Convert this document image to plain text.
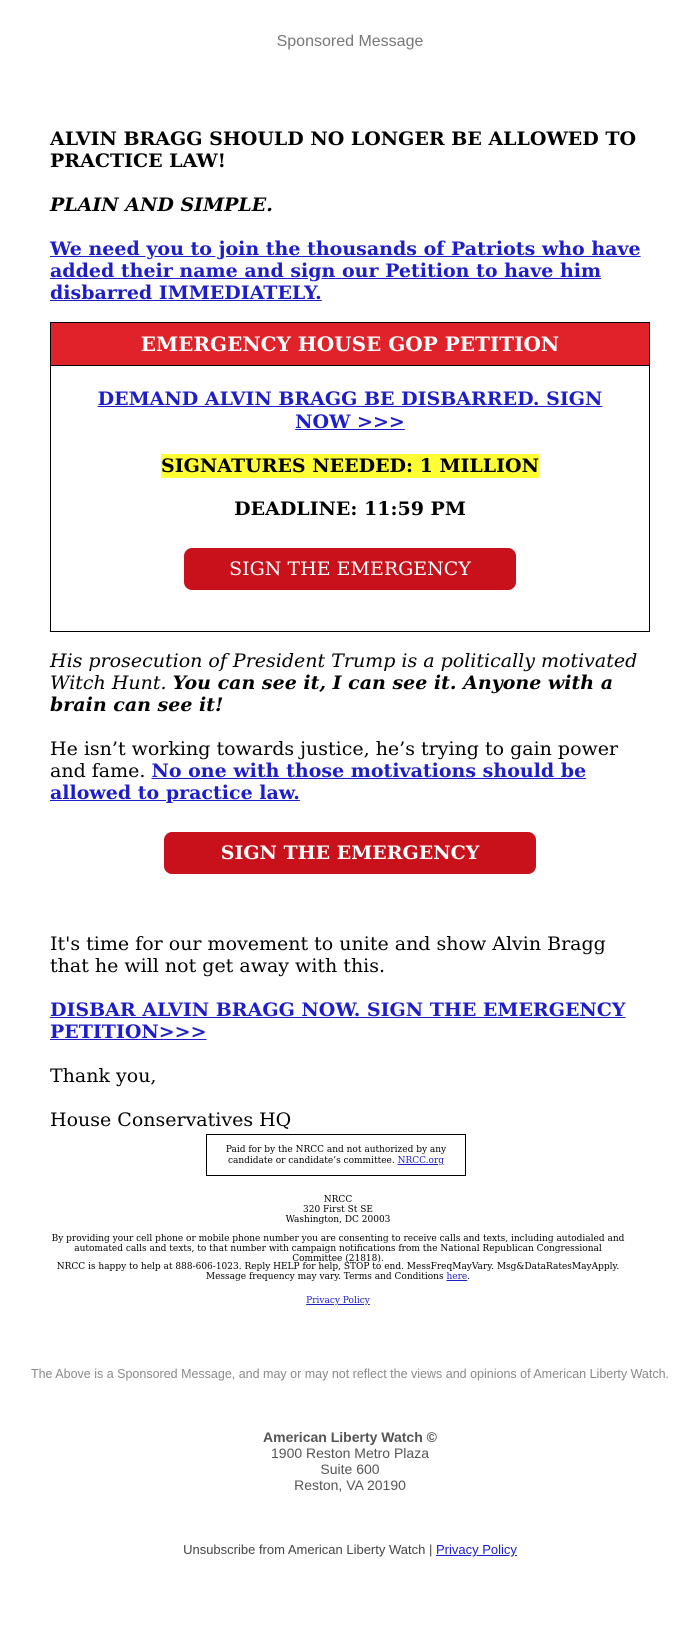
Sponsored Message

ALVIN BRAGG SHOULD NO LONGER BE ALLOWED TO PRACTICE LAW!

PLAIN AND SIMPLE.

We need you to join the thousands of Patriots who have added their name and sign our Petition to have him disbarred IMMEDIATELY.

EMERGENCY HOUSE GOP PETITION
DEMAND ALVIN BRAGG BE DISBARRED. SIGN NOW >>>
SIGNATURES NEEDED: 1 MILLION
DEADLINE: 11:59 PM
SIGN THE EMERGENCY PETITION

His prosecution of President Trump is a politically motivated Witch Hunt. You can see it, I can see it. Anyone with a brain can see it!

He isn’t working towards justice, he’s trying to gain power and fame. No one with those motivations should be allowed to practice law.

SIGN THE EMERGENCY PETITION

It's time for our movement to unite and show Alvin Bragg that he will not get away with this.

DISBAR ALVIN BRAGG NOW. SIGN THE EMERGENCY PETITION>>>

Thank you,

House Conservatives HQ

Paid for by the NRCC and not authorized by any candidate or candidate’s committee. NRCC.org
NRCC
320 First St SE
Washington, DC 20003
By providing your cell phone or mobile phone number you are consenting to receive calls and texts, including autodialed and automated calls and texts, to that number with campaign notifications from the National Republican Congressional Committee (21818).
NRCC is happy to help at 888-606-1023. Reply HELP for help, STOP to end. MessFreqMayVary. Msg&DataRatesMayApply. Message frequency may vary. Terms and Conditions here.
Privacy Policy
The Above is a Sponsored Message, and may or may not reflect the views and opinions of American Liberty Watch.
American Liberty Watch ©
1900 Reston Metro Plaza
Suite 600
Reston, VA 20190
Unsubscribe from American Liberty Watch | Privacy Policy
